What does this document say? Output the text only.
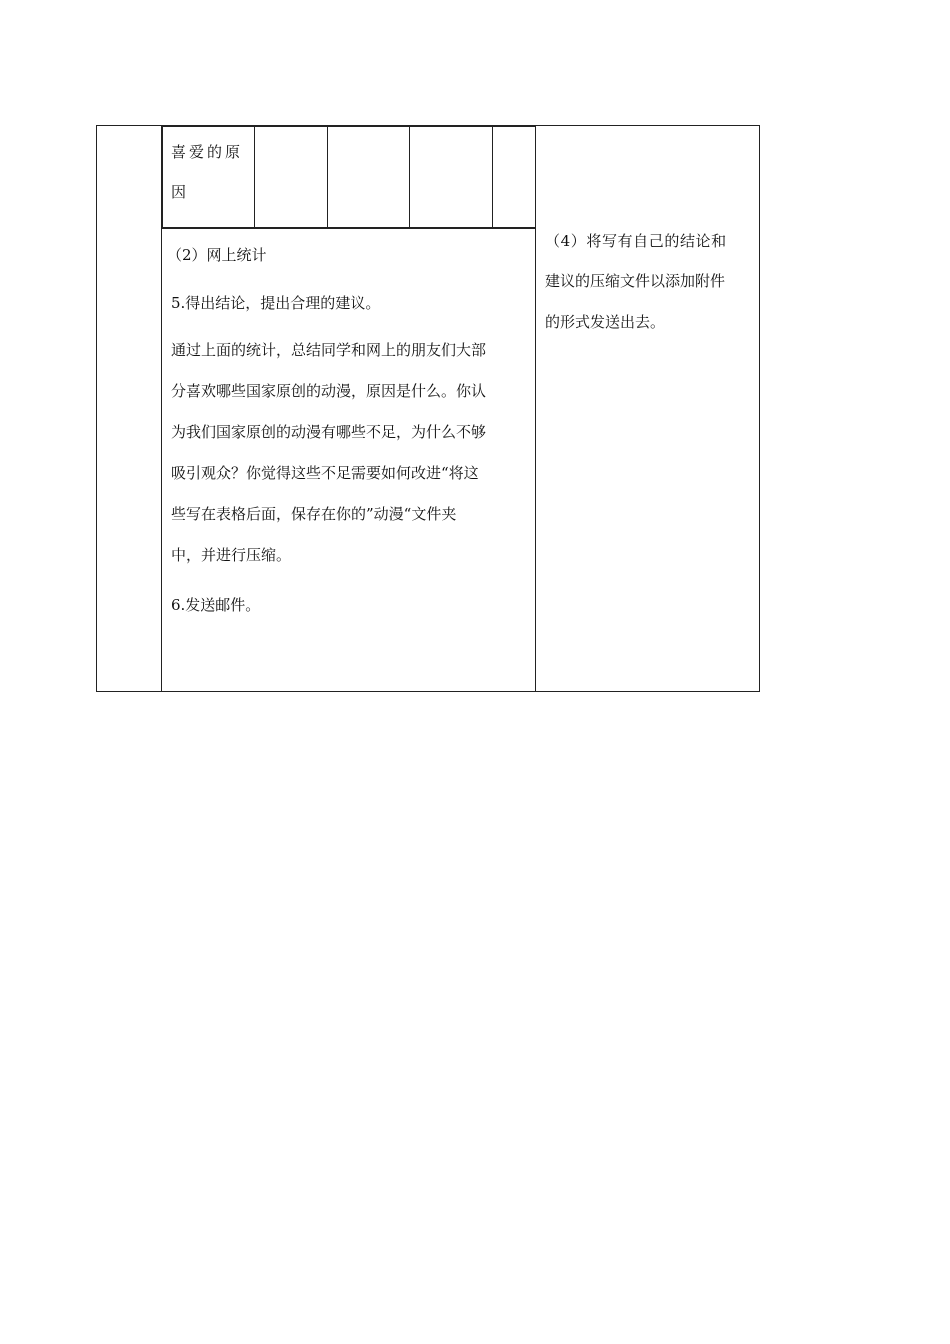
喜爱的原
因
（2）网上统计
5.得出结论，提出合理的建议。
通过上面的统计，总结同学和网上的朋友们大部
分喜欢哪些国家原创的动漫，原因是什么。你认
为我们国家原创的动漫有哪些不足，为什么不够
吸引观众？你觉得这些不足需要如何改进“将这
些写在表格后面，保存在你的”动漫“文件夹
中，并进行压缩。
6.发送邮件。
（4）将写有自己的结论和
建议的压缩文件以添加附件
的形式发送出去。
